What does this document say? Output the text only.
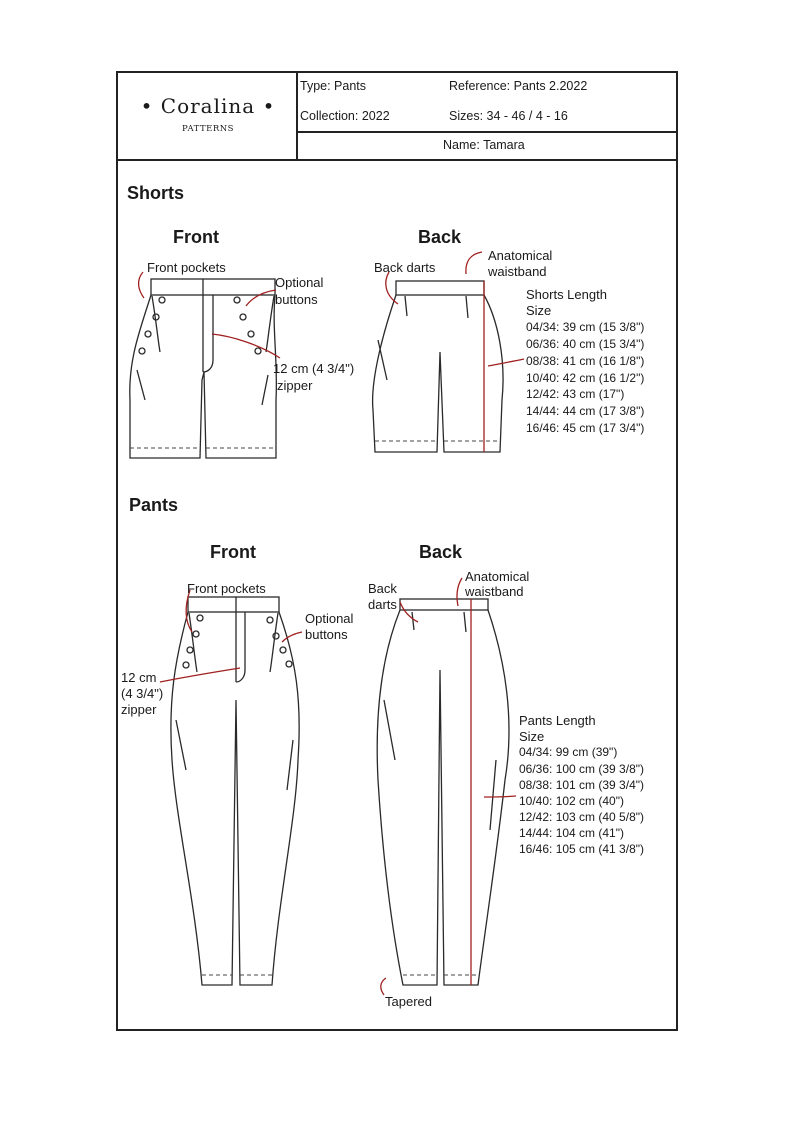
• Coralina •
PATTERNS
Type: Pants	Reference: Pants 2.2022
Collection: 2022	Sizes: 34 - 46 / 4 - 16
Name: Tamara
Shorts
Front	Back
Front pockets
Optional
buttons
12 cm (4 3/4")
zipper
Back darts
Anatomical
waistband
Shorts Length
Size
04/34: 39 cm (15 3/8")
06/36: 40 cm (15 3/4")
08/38: 41 cm (16 1/8")
10/40: 42 cm (16 1/2")
12/42: 43 cm (17")
14/44: 44 cm (17 3/8")
16/46: 45 cm (17 3/4")
Pants
Front	Back
Front pockets
Optional
buttons
12 cm
(4 3/4")
zipper
Back
darts
Anatomical
waistband
Tapered
Pants Length
Size
04/34: 99 cm (39")
06/36: 100 cm (39 3/8")
08/38: 101 cm (39 3/4")
10/40: 102 cm (40")
12/42: 103 cm (40 5/8")
14/44: 104 cm (41")
16/46: 105 cm (41 3/8")
